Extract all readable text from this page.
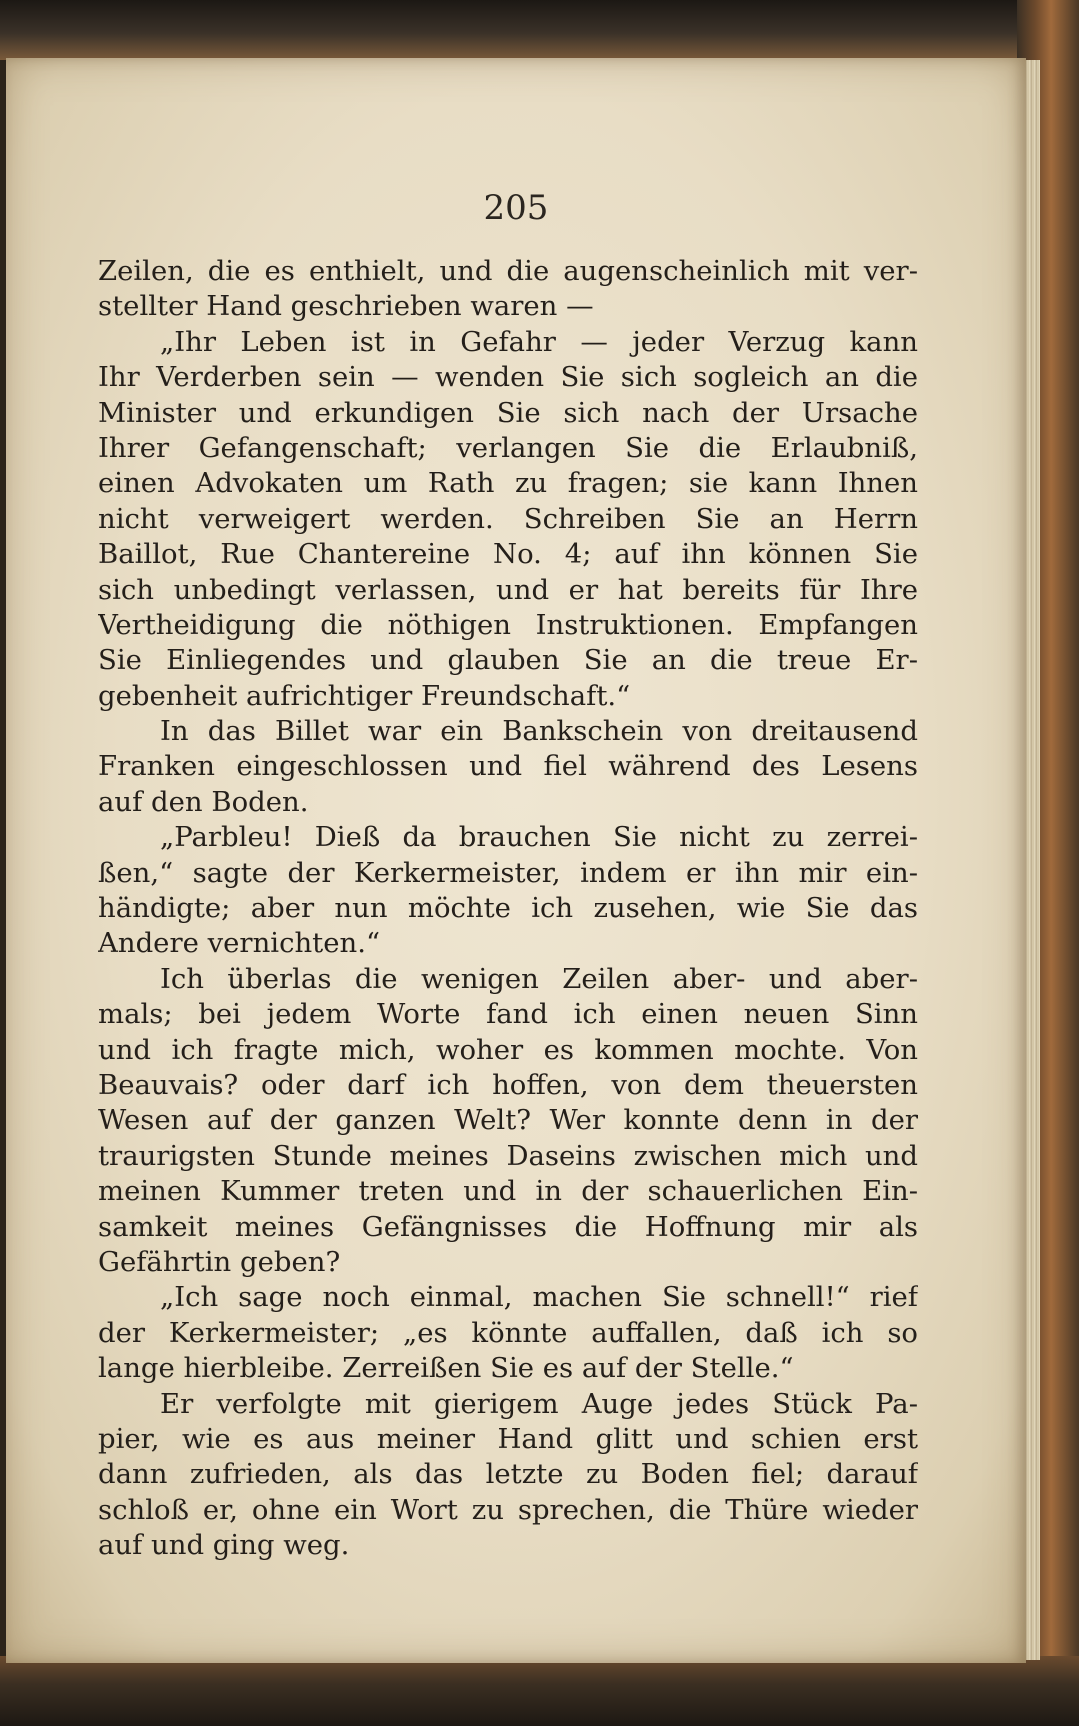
205
Zeilen, die es enthielt, und die augenscheinlich mit ver-
stellter Hand geschrieben waren —
„Ihr Leben ist in Gefahr — jeder Verzug kann
Ihr Verderben sein — wenden Sie sich sogleich an die
Minister und erkundigen Sie sich nach der Ursache
Ihrer Gefangenschaft; verlangen Sie die Erlaubniß,
einen Advokaten um Rath zu fragen; sie kann Ihnen
nicht verweigert werden. Schreiben Sie an Herrn
Baillot, Rue Chantereine No. 4; auf ihn können Sie
sich unbedingt verlassen, und er hat bereits für Ihre
Vertheidigung die nöthigen Instruktionen. Empfangen
Sie Einliegendes und glauben Sie an die treue Er-
gebenheit aufrichtiger Freundschaft.“
In das Billet war ein Bankschein von dreitausend
Franken eingeschlossen und fiel während des Lesens
auf den Boden.
„Parbleu! Dieß da brauchen Sie nicht zu zerrei-
ßen,“ sagte der Kerkermeister, indem er ihn mir ein-
händigte; aber nun möchte ich zusehen, wie Sie das
Andere vernichten.“
Ich überlas die wenigen Zeilen aber- und aber-
mals; bei jedem Worte fand ich einen neuen Sinn
und ich fragte mich, woher es kommen mochte. Von
Beauvais? oder darf ich hoffen, von dem theuersten
Wesen auf der ganzen Welt? Wer konnte denn in der
traurigsten Stunde meines Daseins zwischen mich und
meinen Kummer treten und in der schauerlichen Ein-
samkeit meines Gefängnisses die Hoffnung mir als
Gefährtin geben?
„Ich sage noch einmal, machen Sie schnell!“ rief
der Kerkermeister; „es könnte auffallen, daß ich so
lange hierbleibe. Zerreißen Sie es auf der Stelle.“
Er verfolgte mit gierigem Auge jedes Stück Pa-
pier, wie es aus meiner Hand glitt und schien erst
dann zufrieden, als das letzte zu Boden fiel; darauf
schloß er, ohne ein Wort zu sprechen, die Thüre wieder
auf und ging weg.
